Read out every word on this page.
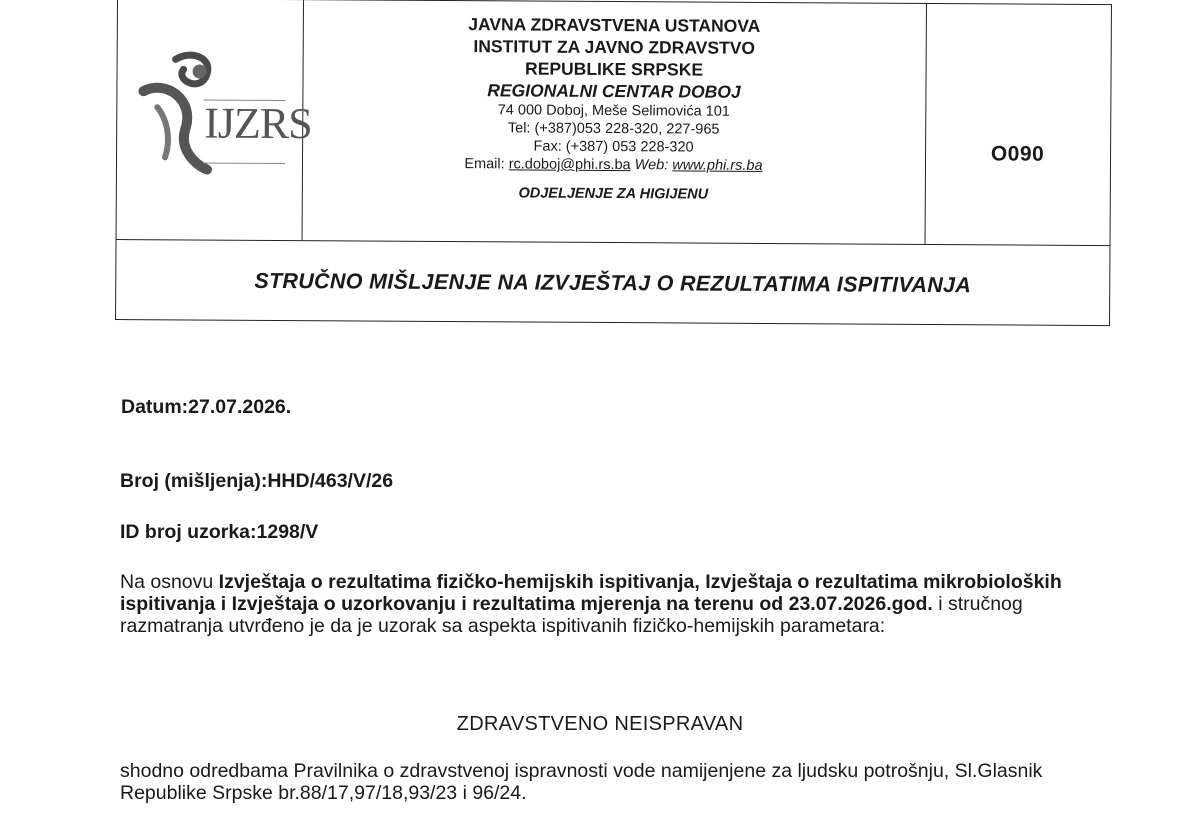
IJZRS
JAVNA ZDRAVSTVENA USTANOVA
INSTITUT ZA JAVNO ZDRAVSTVO
REPUBLIKE SRPSKE
REGIONALNI CENTAR DOBOJ
74 000 Doboj, Meše Selimovića 101
Tel: (+387)053 228-320, 227-965
Fax: (+387) 053 228-320
Email: rc.doboj@phi.rs.ba Web: www.phi.rs.ba
ODJELJENJE ZA HIGIJENU
O090
STRUČNO MIŠLJENJE NA IZVJEŠTAJ O REZULTATIMA ISPITIVANJA
Datum:27.07.2026.
Broj (mišljenja):HHD/463/V/26
ID broj uzorka:1298/V
Na osnovu Izvještaja o rezultatima fizičko-hemijskih ispitivanja, Izvještaja o rezultatima mikrobioloških ispitivanja i Izvještaja o uzorkovanju i rezultatima mjerenja na terenu od 23.07.2026.god. i stručnog razmatranja utvrđeno je da je uzorak sa aspekta ispitivanih fizičko-hemijskih parametara:
ZDRAVSTVENO NEISPRAVAN
shodno odredbama Pravilnika o zdravstvenoj ispravnosti vode namijenjene za ljudsku potrošnju, Sl.Glasnik Republike Srpske br.88/17,97/18,93/23 i 96/24.
